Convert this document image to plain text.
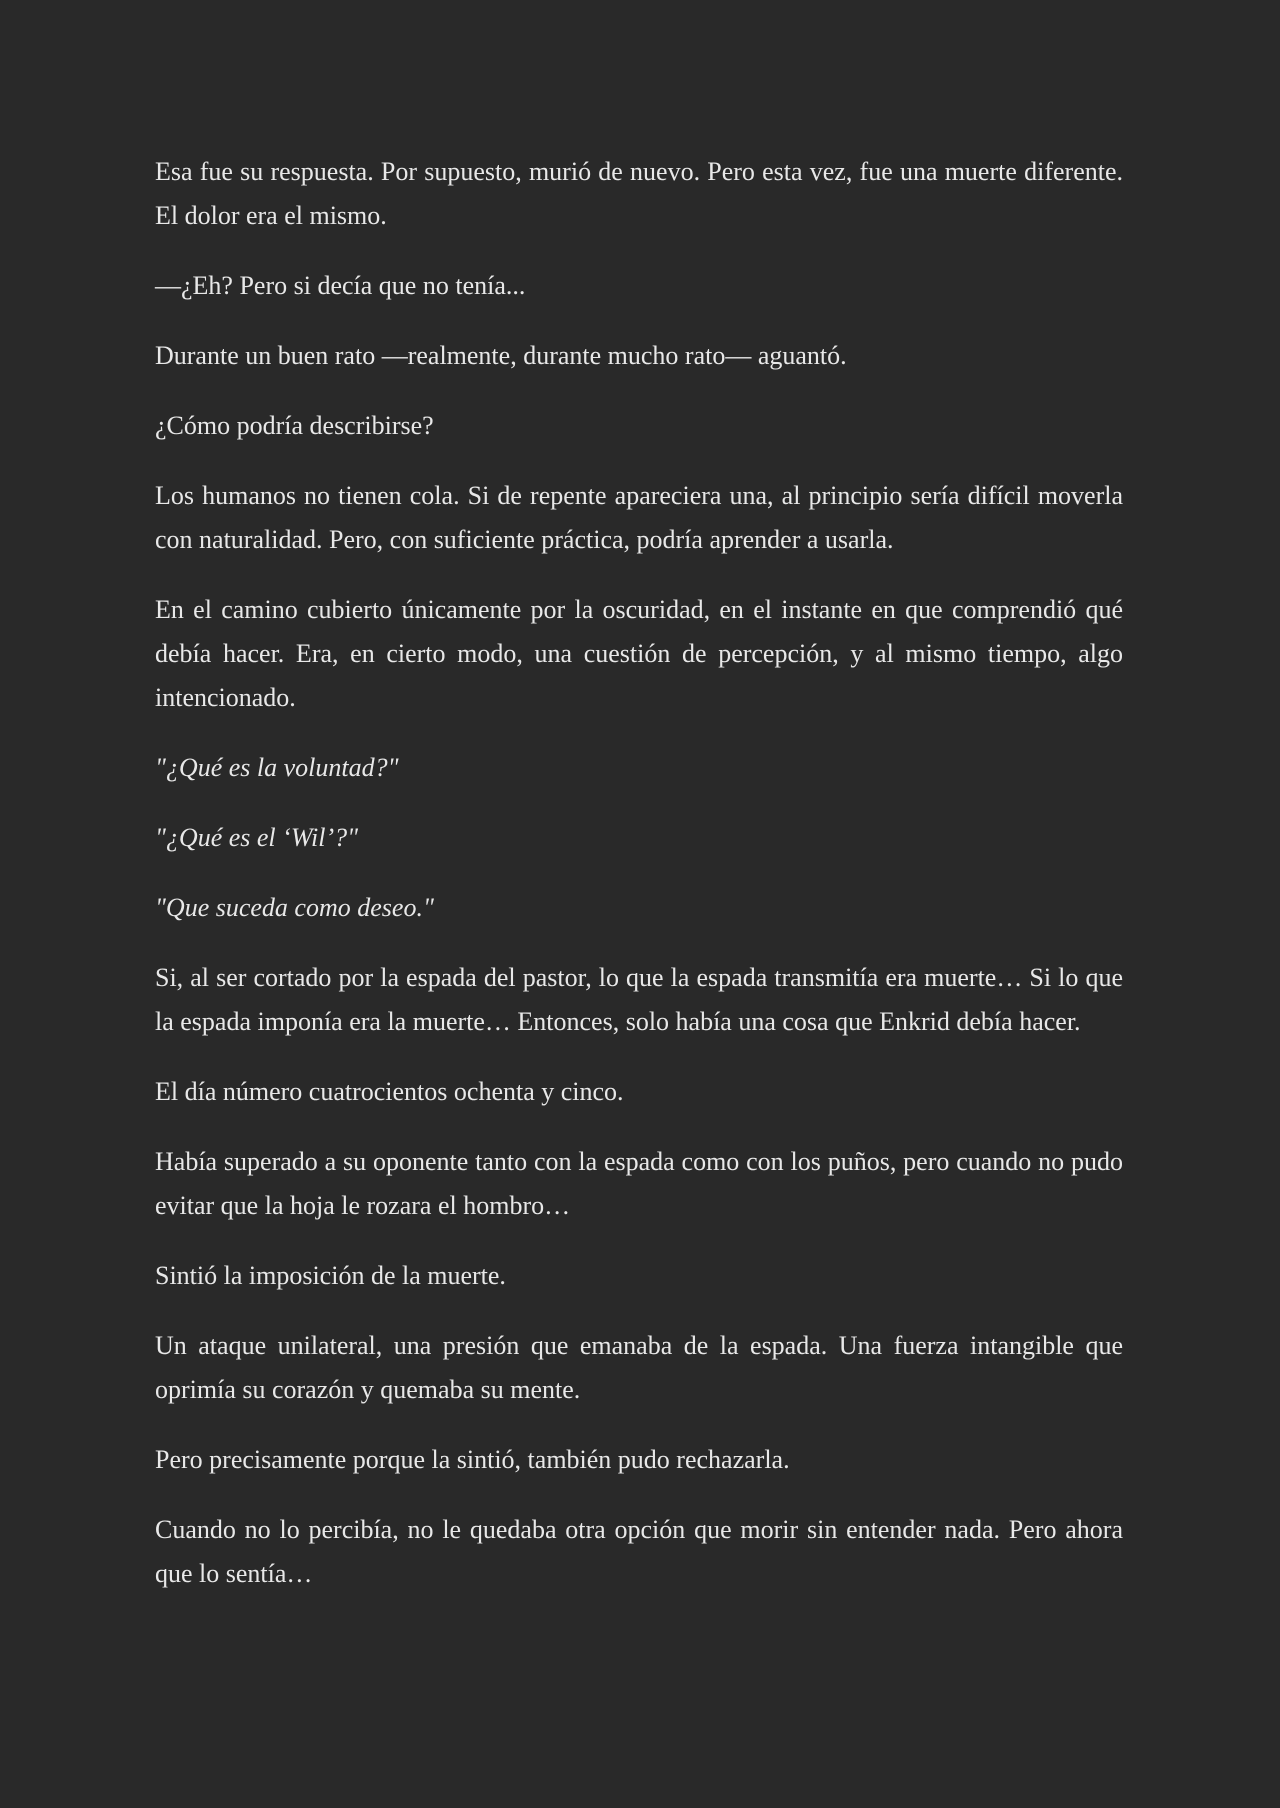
Esa fue su respuesta. Por supuesto, murió de nuevo. Pero esta vez, fue una muerte diferente. El dolor era el mismo.

—¿Eh? Pero si decía que no tenía...

Durante un buen rato —realmente, durante mucho rato— aguantó.

¿Cómo podría describirse?

Los humanos no tienen cola. Si de repente apareciera una, al principio sería difícil moverla con naturalidad. Pero, con suficiente práctica, podría aprender a usarla.

En el camino cubierto únicamente por la oscuridad, en el instante en que comprendió qué debía hacer. Era, en cierto modo, una cuestión de percepción, y al mismo tiempo, algo intencionado.

"¿Qué es la voluntad?"

"¿Qué es el ‘Wil’?"

"Que suceda como deseo."

Si, al ser cortado por la espada del pastor, lo que la espada transmitía era muerte… Si lo que la espada imponía era la muerte… Entonces, solo había una cosa que Enkrid debía hacer.

El día número cuatrocientos ochenta y cinco.

Había superado a su oponente tanto con la espada como con los puños, pero cuando no pudo evitar que la hoja le rozara el hombro…

Sintió la imposición de la muerte.

Un ataque unilateral, una presión que emanaba de la espada. Una fuerza intangible que oprimía su corazón y quemaba su mente.

Pero precisamente porque la sintió, también pudo rechazarla.

Cuando no lo percibía, no le quedaba otra opción que morir sin entender nada. Pero ahora que lo sentía…
